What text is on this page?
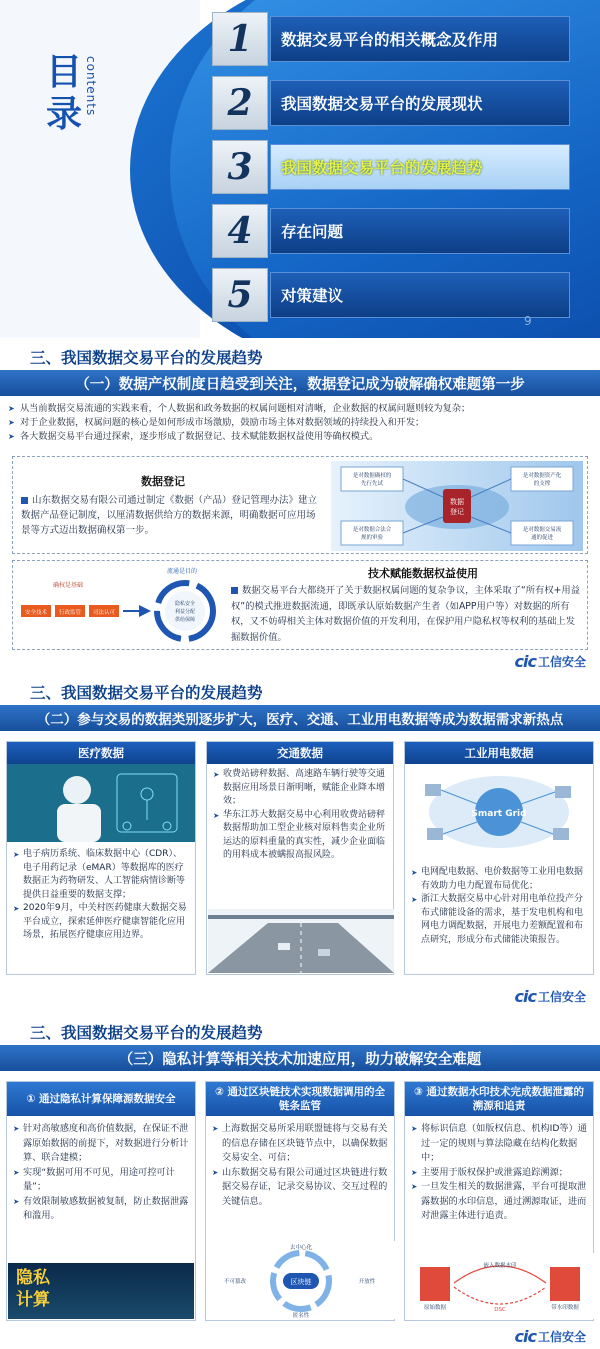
目录 contents
1 数据交易平台的相关概念及作用
2 我国数据交易平台的发展现状
3 我国数据交易平台的发展趋势
4 存在问题
5 对策建议
9
三、我国数据交易平台的发展趋势
（一）数据产权制度日趋受到关注，数据登记成为破解确权难题第一步
➤ 从当前数据交易流通的实践来看，个人数据和政务数据的权属问题相对清晰，企业数据的权属问题则较为复杂；
➤ 对于企业数据，权属问题的核心是如何形成市场激励，鼓励市场主体对数据领域的持续投入和开发；
➤ 各大数据交易平台通过探索，逐步形成了数据登记、技术赋能数据权益使用等确权模式。
数据登记
山东数据交易有限公司通过制定《数据（产品）登记管理办法》建立数据产品登记制度，以厘清数据供给方的数据来源，明确数据可应用场景等方式迈出数据确权第一步。
数据
登记
是对数据确权的
先行先试
是对数据资产化
的支撑
是对数据合法合
规的审验
是对数据交易流
通的促进
确权是基础
安全技术 行政监管 司法认可
流通是目的
隐私安全
利益分配
供给保障
技术赋能数据权益使用
数据交易平台大都绕开了关于数据权属问题的复杂争议，主体采取了“所有权+用益权”的模式推进数据流通，即既承认原始数据产生者（如APP用户等）对数据的所有权，又不妨碍相关主体对数据价值的开发利用，在保护用户隐私权等权利的基础上发掘数据价值。
cic 工信安全
三、我国数据交易平台的发展趋势
（二）参与交易的数据类别逐步扩大，医疗、交通、工业用电数据等成为数据需求新热点
医疗数据
➤ 电子病历系统、临床数据中心（CDR）、电子用药记录（eMAR）等数据库的医疗数据正为药物研发、人工智能病情诊断等提供日益重要的数据支撑；
➤ 2020年9月，中关村医药健康大数据交易平台成立，探索延伸医疗健康智能化应用场景，拓展医疗健康应用边界。
交通数据
➤ 收费站磅秤数据、高速路车辆行驶等交通数据应用场景日渐明晰，赋能企业降本增效；
➤ 华东江苏大数据交易中心利用收费站磅秤数据帮助加工型企业核对原料售卖企业所运达的原料重量的真实性，减少企业面临的用料成本被螨报高报风险。
工业用电数据
Smart Grid
➤ 电网配电数据、电价数据等工业用电数据有效助力电力配置布局优化；
➤ 浙江大数据交易中心针对用电单位投产分布式储能设备的需求，基于发电机构和电网电力调配数据，开展电力差额配置和布点研究，形成分布式储能决策报告。
cic 工信安全
三、我国数据交易平台的发展趋势
（三）隐私计算等相关技术加速应用，助力破解安全难题
① 通过隐私计算保障源数据安全
➤ 针对高敏感度和高价值数据，在保证不泄露原始数据的前提下，对数据进行分析计算、联合建模；
➤ 实现“数据可用不可见，用途可控可计量”；
➤ 有效限制敏感数据被复制，防止数据泄露和滥用。
隐私
计算
② 通过区块链技术实现数据调用的全链条监管
➤ 上海数据交易所采用联盟链将与交易有关的信息存储在区块链节点中，以确保数据交易安全、可信；
➤ 山东数据交易有限公司通过区块链进行数据交易存证，记录交易协议、交互过程的关键信息。
区块链
去中心化
不可篡改	开放性
匿名性
③ 通过数据水印技术完成数据泄露的溯源和追责
➤ 将标识信息（如版权信息、机构ID等）通过一定的规则与算法隐藏在结构化数据中；
➤ 主要用于版权保护或泄露追踪溯源；
➤ 一旦发生相关的数据泄露，平台可提取泄露数据的水印信息，通过溯源取证，进而对泄露主体进行追责。
原始数据	带水印数据
嵌入数据水印
DSC
cic 工信安全
